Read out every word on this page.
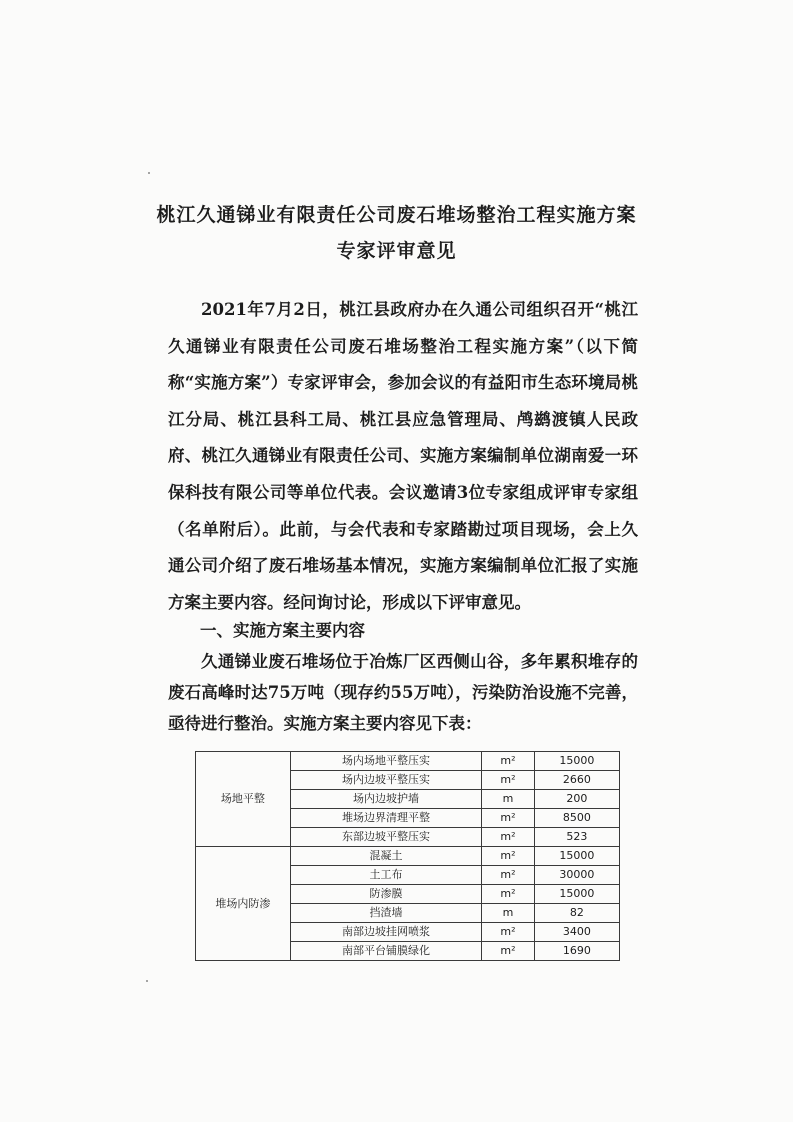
桃江久通锑业有限责任公司废石堆场整治工程实施方案
专家评审意见

2021年7月2日，桃江县政府办在久通公司组织召开“桃江久通锑业有限责任公司废石堆场整治工程实施方案”（以下简称“实施方案”）专家评审会，参加会议的有益阳市生态环境局桃江分局、桃江县科工局、桃江县应急管理局、鸬鹚渡镇人民政府、桃江久通锑业有限责任公司、实施方案编制单位湖南爱一环保科技有限公司等单位代表。会议邀请3位专家组成评审专家组（名单附后）。此前，与会代表和专家踏勘过项目现场，会上久通公司介绍了废石堆场基本情况，实施方案编制单位汇报了实施方案主要内容。经问询讨论，形成以下评审意见。

一、实施方案主要内容

久通锑业废石堆场位于冶炼厂区西侧山谷，多年累积堆存的废石高峰时达75万吨（现存约55万吨），污染防治设施不完善，亟待进行整治。实施方案主要内容见下表：

场地平整	场内场地平整压实	m²	15000
	场内边坡平整压实	m²	2660
	场内边坡护墙	m	200
	堆场边界清理平整	m²	8500
	东部边坡平整压实	m²	523
堆场内防渗	混凝土	m²	15000
	土工布	m²	30000
	防渗膜	m²	15000
	挡渣墙	m	82
	南部边坡挂网喷浆	m²	3400
	南部平台铺膜绿化	m²	1690
